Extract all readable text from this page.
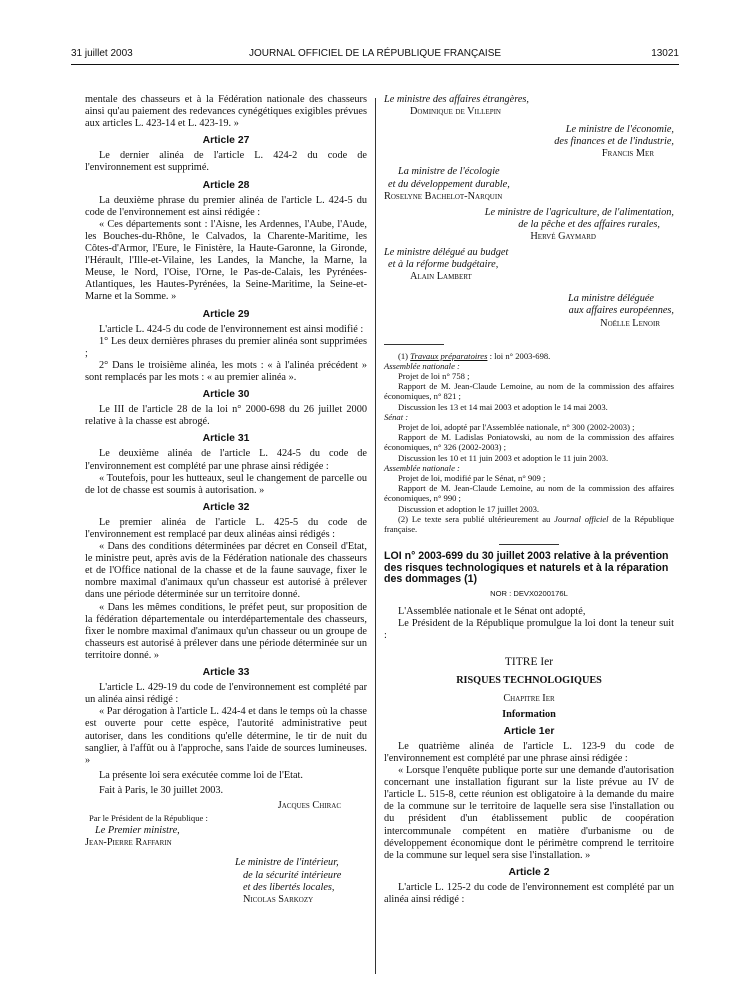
31 juillet 2003	JOURNAL OFFICIEL DE LA RÉPUBLIQUE FRANÇAISE	13021

mentale des chasseurs et à la Fédération nationale des chasseurs ainsi qu'au paiement des redevances cynégétiques exigibles prévues aux articles L. 423-14 et L. 423-19. »

Article 27

Le dernier alinéa de l'article L. 424-2 du code de l'environnement est supprimé.

Article 28

La deuxième phrase du premier alinéa de l'article L. 424-5 du code de l'environnement est ainsi rédigée :

« Ces départements sont : l'Aisne, les Ardennes, l'Aube, l'Aude, les Bouches-du-Rhône, le Calvados, la Charente-Maritime, les Côtes-d'Armor, l'Eure, le Finistère, la Haute-Garonne, la Gironde, l'Hérault, l'Ille-et-Vilaine, les Landes, la Manche, la Marne, la Meuse, le Nord, l'Oise, l'Orne, le Pas-de-Calais, les Pyrénées-Atlantiques, les Hautes-Pyrénées, la Seine-Maritime, la Seine-et-Marne et la Somme. »

Article 29

L'article L. 424-5 du code de l'environnement est ainsi modifié :

1° Les deux dernières phrases du premier alinéa sont supprimées ;

2° Dans le troisième alinéa, les mots : « à l'alinéa précédent » sont remplacés par les mots : « au premier alinéa ».

Article 30

Le III de l'article 28 de la loi n° 2000-698 du 26 juillet 2000 relative à la chasse est abrogé.

Article 31

Le deuxième alinéa de l'article L. 424-5 du code de l'environnement est complété par une phrase ainsi rédigée :

« Toutefois, pour les hutteaux, seul le changement de parcelle ou de lot de chasse est soumis à autorisation. »

Article 32

Le premier alinéa de l'article L. 425-5 du code de l'environnement est remplacé par deux alinéas ainsi rédigés :

« Dans des conditions déterminées par décret en Conseil d'Etat, le ministre peut, après avis de la Fédération nationale des chasseurs et de l'Office national de la chasse et de la faune sauvage, fixer le nombre maximal d'animaux qu'un chasseur est autorisé à prélever dans une période déterminée sur un territoire donné.

« Dans les mêmes conditions, le préfet peut, sur proposition de la fédération départementale ou interdépartementale des chasseurs, fixer le nombre maximal d'animaux qu'un chasseur ou un groupe de chasseurs est autorisé à prélever dans une période déterminée sur un territoire donné. »

Article 33

L'article L. 429-19 du code de l'environnement est complété par un alinéa ainsi rédigé :

« Par dérogation à l'article L. 424-4 et dans le temps où la chasse est ouverte pour cette espèce, l'autorité administrative peut autoriser, dans les conditions qu'elle détermine, le tir de nuit du sanglier, à l'affût ou à l'approche, sans l'aide de sources lumineuses. »

La présente loi sera exécutée comme loi de l'Etat.

Fait à Paris, le 30 juillet 2003.

Jacques Chirac

Par le Président de la République :

Le Premier ministre,

Jean-Pierre Raffarin

Le ministre de l'intérieur,

de la sécurité intérieure

et des libertés locales,

Nicolas Sarkozy

Le ministre des affaires étrangères,

Dominique de Villepin

Le ministre de l'économie,

des finances et de l'industrie,

Francis Mer

La ministre de l'écologie

et du développement durable,

Roselyne Bachelot-Narquin

Le ministre de l'agriculture, de l'alimentation,

de la pêche et des affaires rurales,

Hervé Gaymard

Le ministre délégué au budget

et à la réforme budgétaire,

Alain Lambert

La ministre déléguée

aux affaires européennes,

Noëlle Lenoir

(1) Travaux préparatoires : loi n° 2003-698.

Assemblée nationale :

Projet de loi n° 758 ;

Rapport de M. Jean-Claude Lemoine, au nom de la commission des affaires économiques, n° 821 ;

Discussion les 13 et 14 mai 2003 et adoption le 14 mai 2003.

Sénat :

Projet de loi, adopté par l'Assemblée nationale, n° 300 (2002-2003) ;

Rapport de M. Ladislas Poniatowski, au nom de la commission des affaires économiques, n° 326 (2002-2003) ;

Discussion les 10 et 11 juin 2003 et adoption le 11 juin 2003.

Assemblée nationale :

Projet de loi, modifié par le Sénat, n° 909 ;

Rapport de M. Jean-Claude Lemoine, au nom de la commission des affaires économiques, n° 990 ;

Discussion et adoption le 17 juillet 2003.

(2) Le texte sera publié ultérieurement au Journal officiel de la République française.

LOI n° 2003-699 du 30 juillet 2003 relative à la prévention des risques technologiques et naturels et à la réparation des dommages (1)

NOR : DEVX0200176L

L'Assemblée nationale et le Sénat ont adopté,

Le Président de la République promulgue la loi dont la teneur suit :

TITRE Ier

RISQUES TECHNOLOGIQUES

Chapitre Ier

Information

Article 1er

Le quatrième alinéa de l'article L. 123-9 du code de l'environnement est complété par une phrase ainsi rédigée :

« Lorsque l'enquête publique porte sur une demande d'autorisation concernant une installation figurant sur la liste prévue au IV de l'article L. 515-8, cette réunion est obligatoire à la demande du maire de la commune sur le territoire de laquelle sera sise l'installation ou du président d'un établissement public de coopération intercommunale compétent en matière d'urbanisme ou de développement économique dont le périmètre comprend le territoire de la commune sur lequel sera sise l'installation. »

Article 2

L'article L. 125-2 du code de l'environnement est complété par un alinéa ainsi rédigé :
